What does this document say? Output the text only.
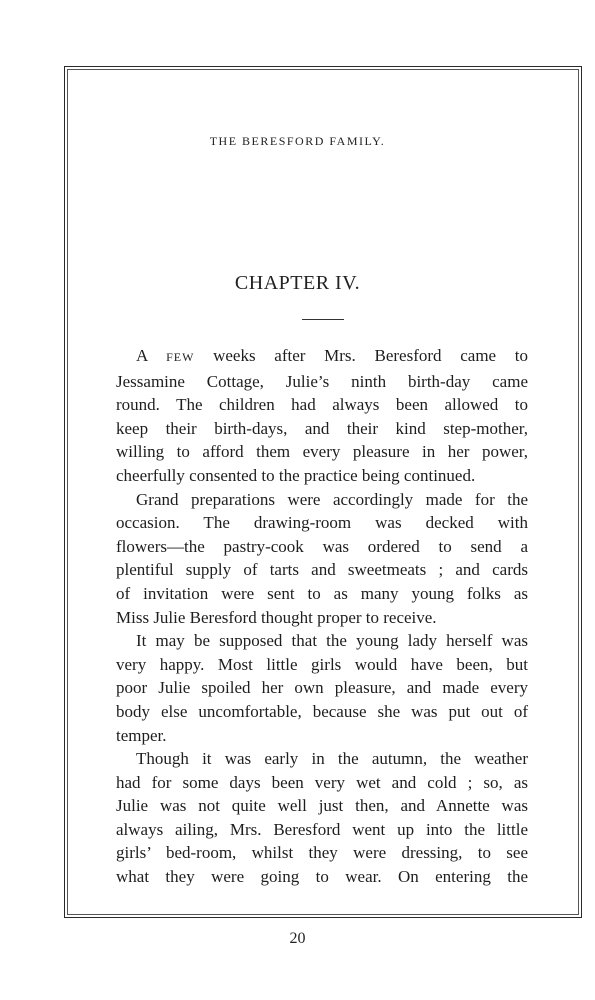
THE BERESFORD FAMILY.
CHAPTER IV.
A FEW weeks after Mrs. Beresford came to
Jessamine Cottage, Julie’s ninth birth-day came
round. The children had always been allowed to
keep their birth-days, and their kind step-mother,
willing to afford them every pleasure in her power,
cheerfully consented to the practice being continued.
Grand preparations were accordingly made for the
occasion. The drawing-room was decked with
flowers—the pastry-cook was ordered to send a
plentiful supply of tarts and sweetmeats ; and cards
of invitation were sent to as many young folks as
Miss Julie Beresford thought proper to receive.
It may be supposed that the young lady herself was
very happy. Most little girls would have been, but
poor Julie spoiled her own pleasure, and made every
body else uncomfortable, because she was put out of
temper.
Though it was early in the autumn, the weather
had for some days been very wet and cold ; so, as
Julie was not quite well just then, and Annette was
always ailing, Mrs. Beresford went up into the little
girls’ bed-room, whilst they were dressing, to see
what they were going to wear. On entering the
20
